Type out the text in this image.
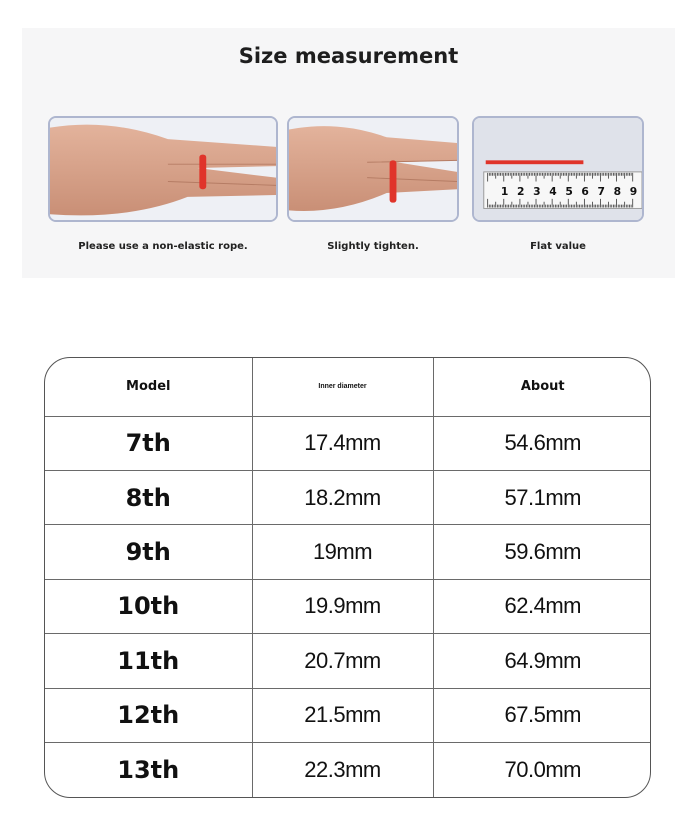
Size measurement
1 2 3 4 5 6 7 8 9
Please use a non-elastic rope.	Slightly tighten.	Flat value
Model	Inner diameter	About
7th	17.4mm	54.6mm
8th	18.2mm	57.1mm
9th	19mm	59.6mm
10th	19.9mm	62.4mm
11th	20.7mm	64.9mm
12th	21.5mm	67.5mm
13th	22.3mm	70.0mm
